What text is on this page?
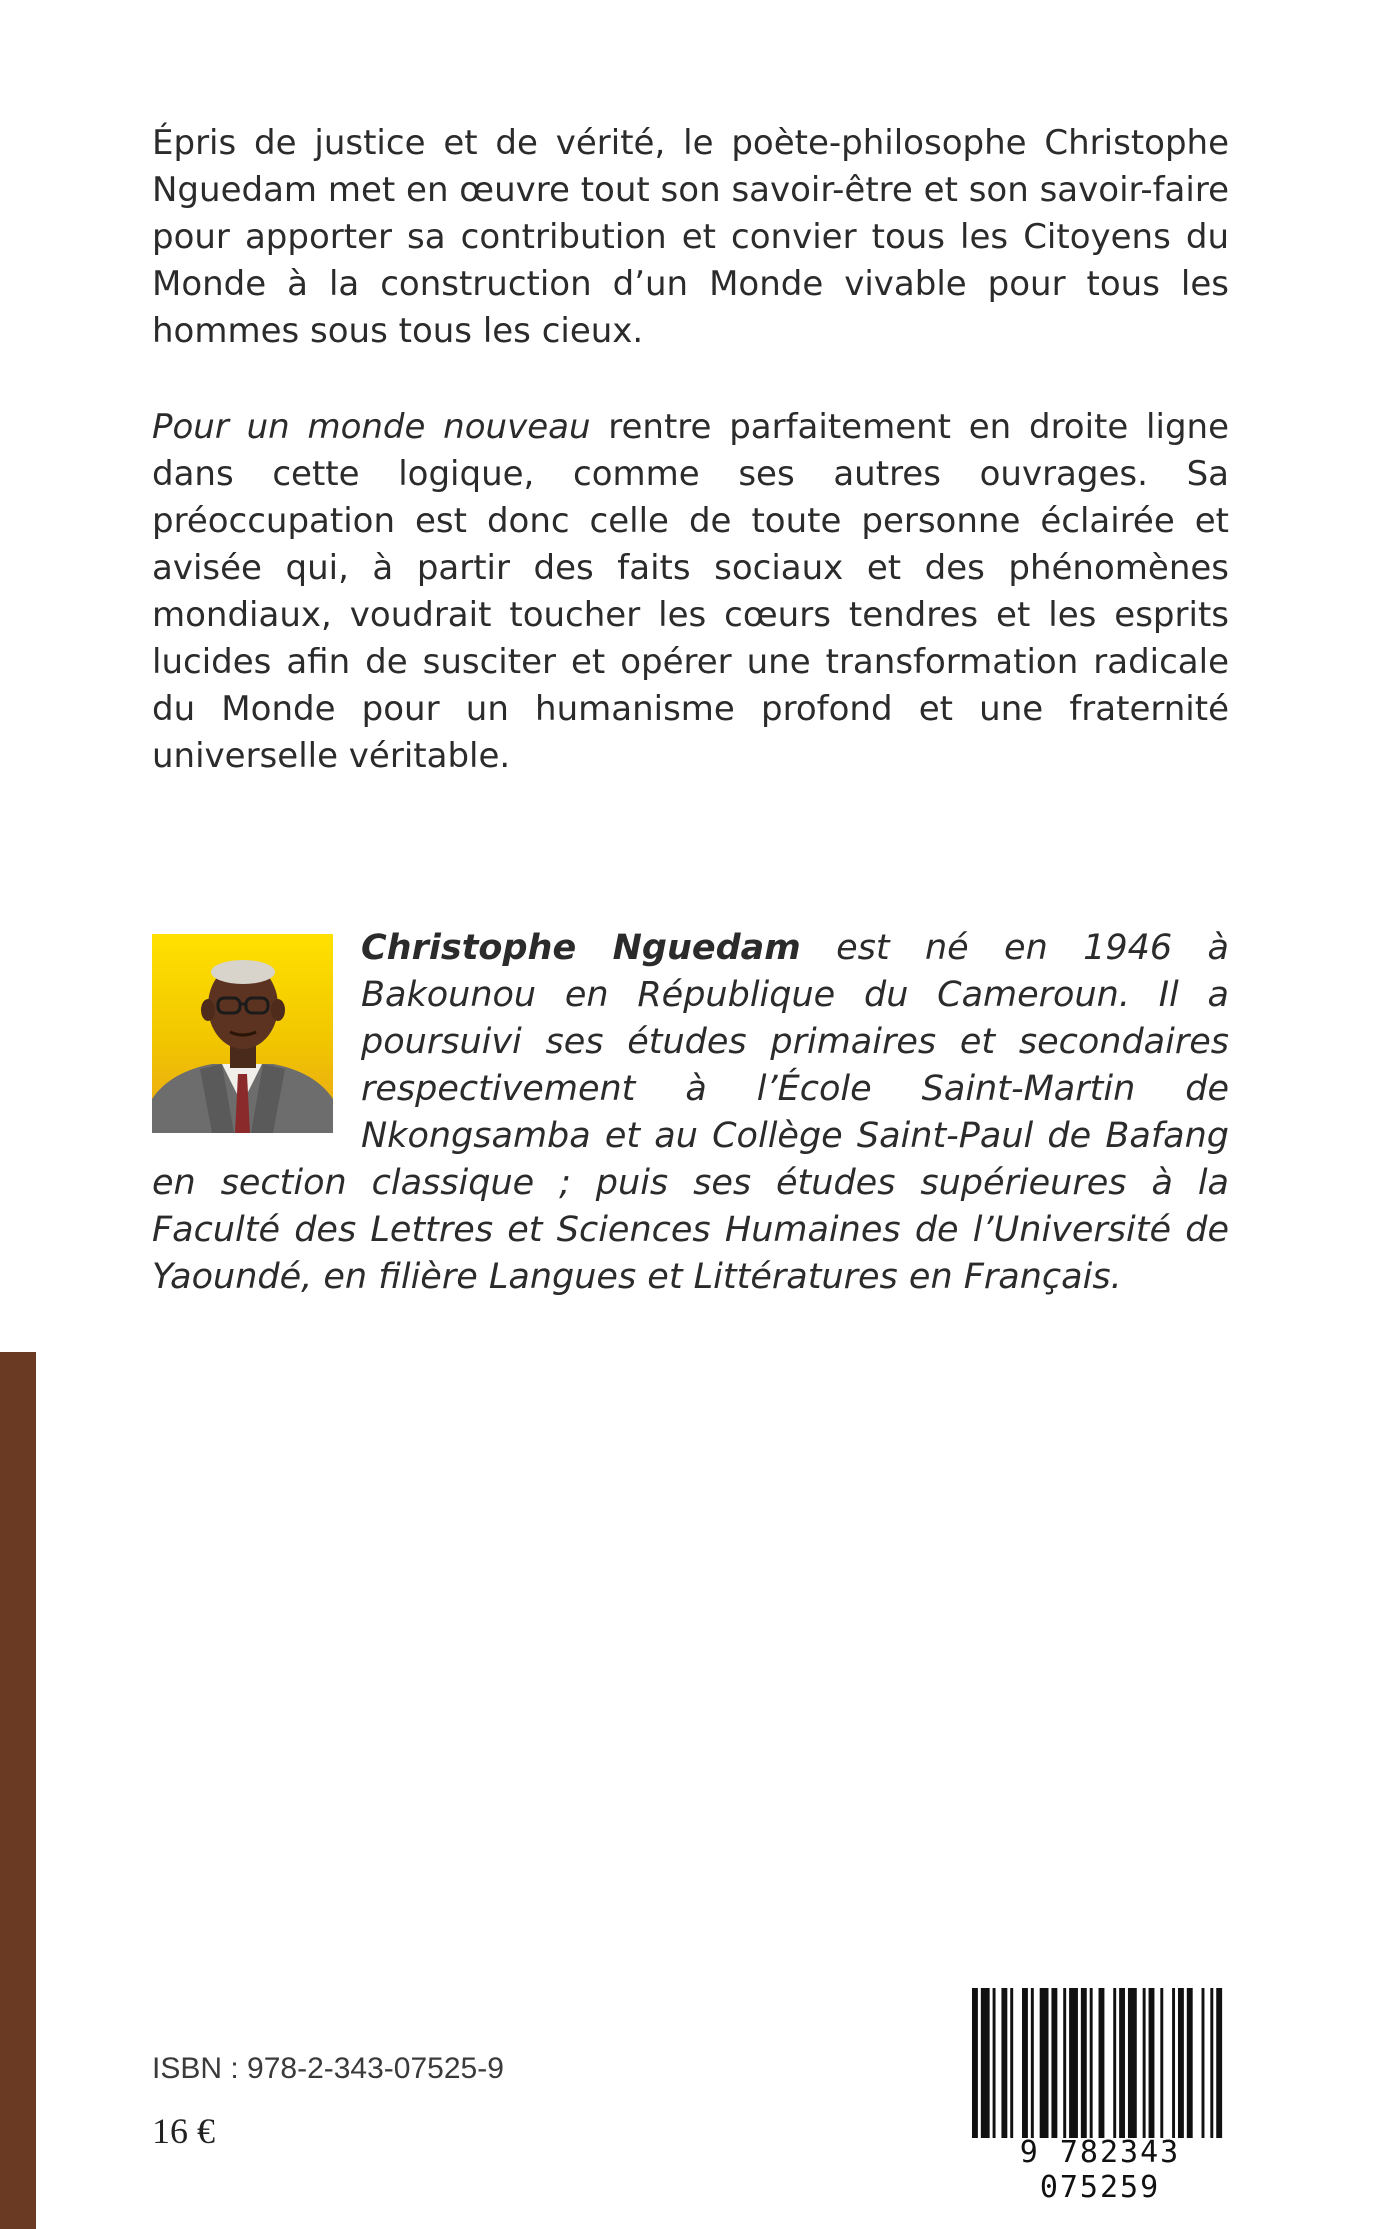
Épris de justice et de vérité, le poète-philosophe Christophe Nguedam met en œuvre tout son savoir-être et son savoir-faire pour apporter sa contribution et convier tous les Citoyens du Monde à la construction d’un Monde vivable pour tous les hommes sous tous les cieux.

Pour un monde nouveau rentre parfaitement en droite ligne dans cette logique, comme ses autres ouvrages. Sa préoccupation est donc celle de toute personne éclairée et avisée qui, à partir des faits sociaux et des phénomènes mondiaux, voudrait toucher les cœurs tendres et les esprits lucides afin de susciter et opérer une transformation radicale du Monde pour un humanisme profond et une fraternité universelle véritable.

Christophe Nguedam est né en 1946 à Bakounou en République du Cameroun. Il a poursuivi ses études primaires et secondaires respectivement à l’École Saint-Martin de Nkongsamba et au Collège Saint-Paul de Bafang en section classique ; puis ses études supérieures à la Faculté des Lettres et Sciences Humaines de l’Université de Yaoundé, en filière Langues et Littératures en Français.

ISBN : 978-2-343-07525-9

16 €

9 782343 075259
